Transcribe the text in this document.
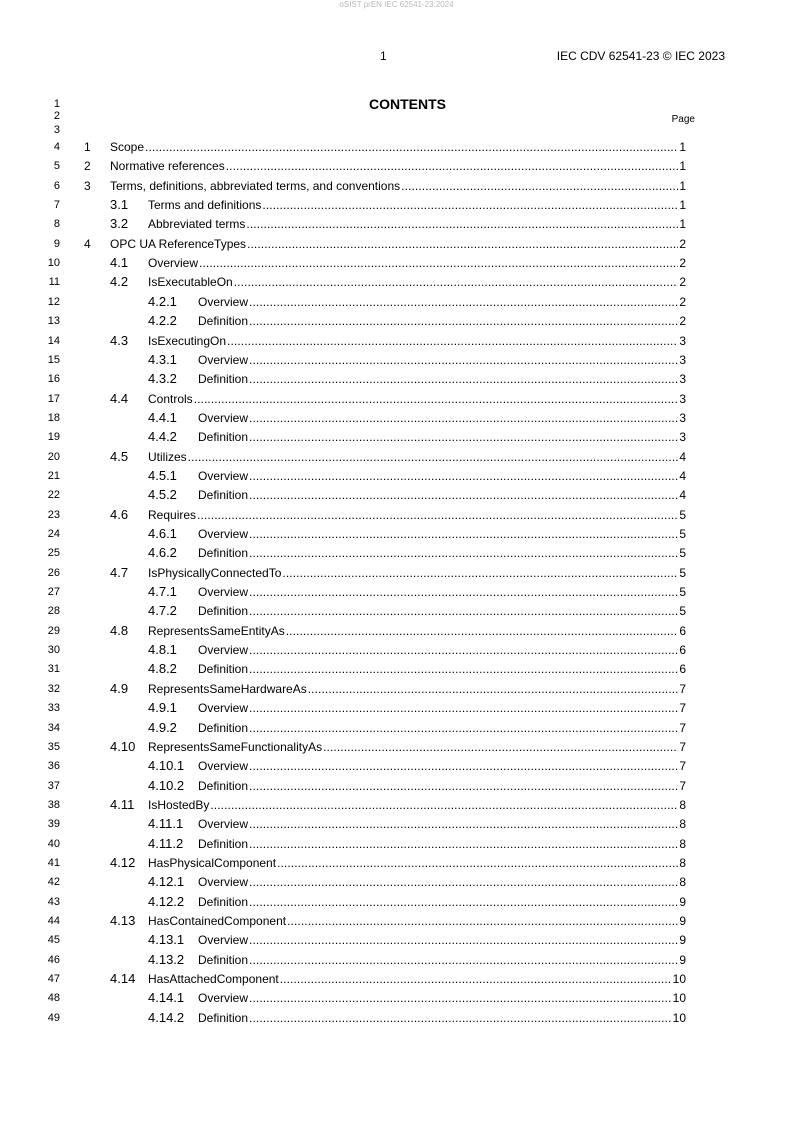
oSIST prEN IEC 62541-23:2024
1	IEC CDV 62541-23 © IEC 2023
1
2
3
CONTENTS
Page
4 1	Scope .....	1
5 2	Normative references .....	1
6 3	Terms, definitions, abbreviated terms, and conventions .....	1
7	3.1	Terms and definitions .....	1
8	3.2	Abbreviated terms .....	1
9 4	OPC UA ReferenceTypes .....	2
10	4.1	Overview .....	2
11	4.2	IsExecutableOn .....	2
12	4.2.1	Overview .....	2
13	4.2.2	Definition .....	2
14	4.3	IsExecutingOn .....	3
15	4.3.1	Overview .....	3
16	4.3.2	Definition .....	3
17	4.4	Controls .....	3
18	4.4.1	Overview .....	3
19	4.4.2	Definition .....	3
20	4.5	Utilizes .....	4
21	4.5.1	Overview .....	4
22	4.5.2	Definition .....	4
23	4.6	Requires .....	5
24	4.6.1	Overview .....	5
25	4.6.2	Definition .....	5
26	4.7	IsPhysicallyConnectedTo .....	5
27	4.7.1	Overview .....	5
28	4.7.2	Definition .....	5
29	4.8	RepresentsSameEntityAs .....	6
30	4.8.1	Overview .....	6
31	4.8.2	Definition .....	6
32	4.9	RepresentsSameHardwareAs .....	7
33	4.9.1	Overview .....	7
34	4.9.2	Definition .....	7
35	4.10	RepresentsSameFunctionalityAs .....	7
36	4.10.1	Overview .....	7
37	4.10.2	Definition .....	7
38	4.11	IsHostedBy .....	8
39	4.11.1	Overview .....	8
40	4.11.2	Definition .....	8
41	4.12	HasPhysicalComponent .....	8
42	4.12.1	Overview .....	8
43	4.12.2	Definition .....	9
44	4.13	HasContainedComponent .....	9
45	4.13.1	Overview .....	9
46	4.13.2	Definition .....	9
47	4.14	HasAttachedComponent .....	10
48	4.14.1	Overview .....	10
49	4.14.2	Definition .....	10
